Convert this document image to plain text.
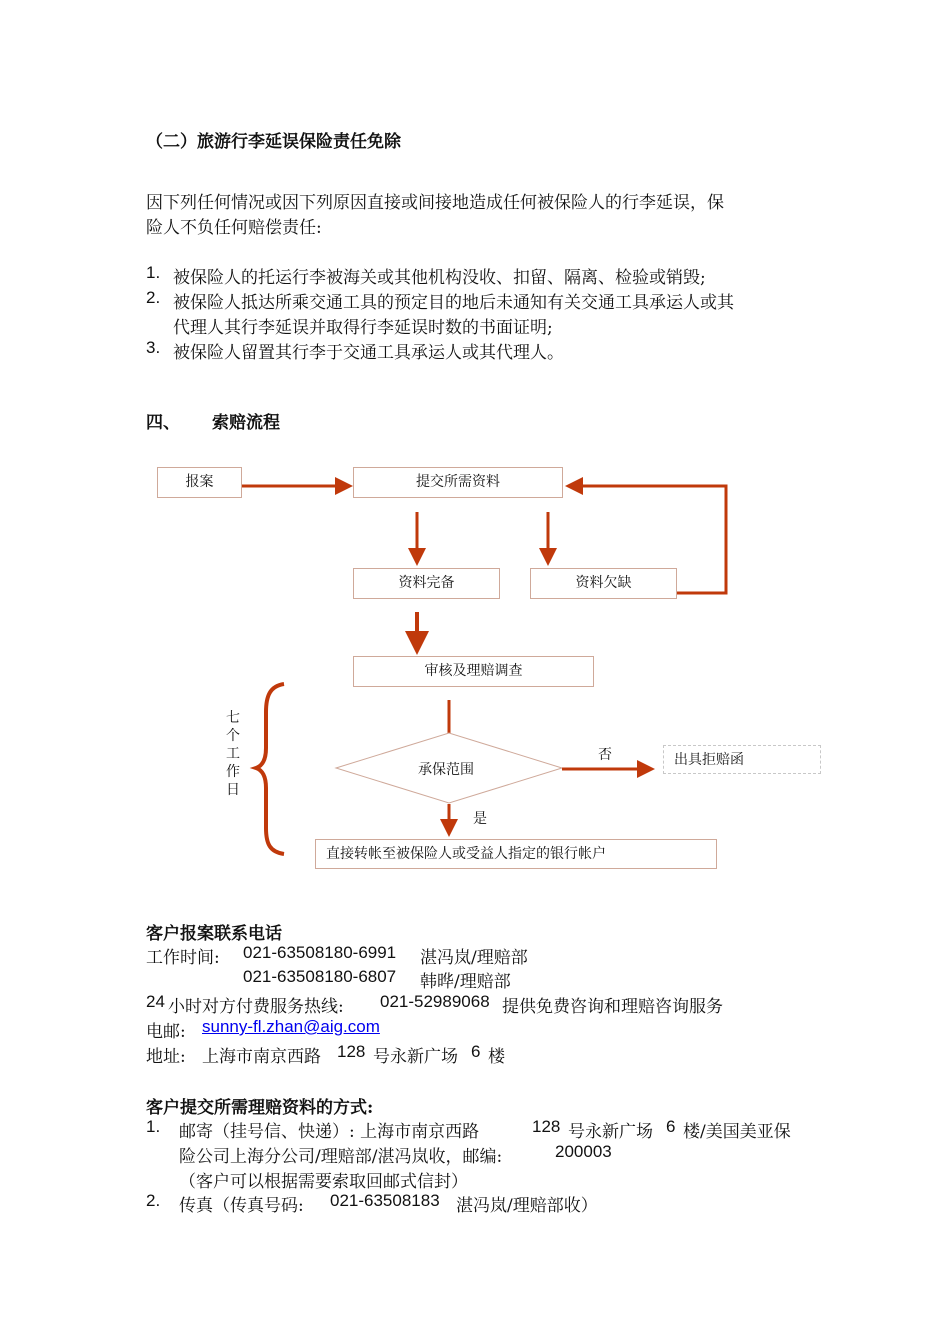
（二）旅游行李延误保险责任免除
因下列任何情况或因下列原因直接或间接地造成任何被保险人的行李延误，保
险人不负任何赔偿责任:
1. 被保险人的托运行李被海关或其他机构没收、扣留、隔离、检验或销毁;
2. 被保险人抵达所乘交通工具的预定目的地后未通知有关交通工具承运人或其
代理人其行李延误并取得行李延误时数的书面证明;
3. 被保险人留置其行李于交通工具承运人或其代理人。
四、 索赔流程
报案	提交所需资料
资料完备	资料欠缺
审核及理赔调查
承保范围
否
是
出具拒赔函
直接转帐至被保险人或受益人指定的银行帐户
七
个
工
作
日
客户报案联系电话
工作时间: 021-63508180-6991 湛冯岚/理赔部
021-63508180-6807 韩晔/理赔部
24 小时对方付费服务热线: 021-52989068 提供免费咨询和理赔咨询服务
电邮: sunny-fl.zhan@aig.com
地址: 上海市南京西路 128 号永新广场 6 楼
客户提交所需理赔资料的方式:
1. 邮寄（挂号信、快递）: 上海市南京西路	128 号永新广场 6 楼/美国美亚保
险公司上海分公司/理赔部/湛冯岚收，邮编:	200003
（客户可以根据需要索取回邮式信封）
2. 传真（传真号码: 021-63508183 湛冯岚/理赔部收）
